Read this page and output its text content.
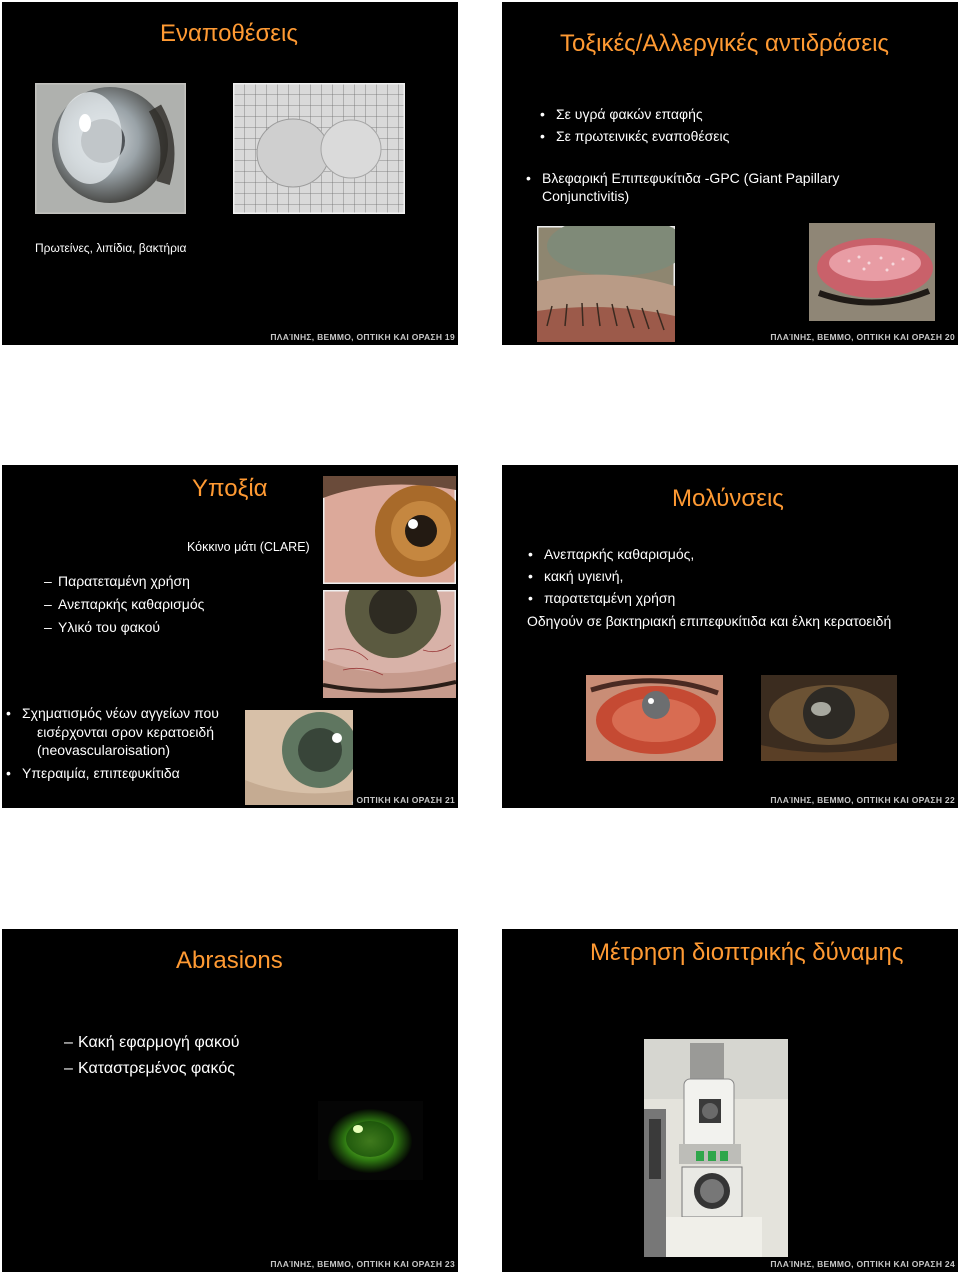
Εναποθέσεις
Πρωτείνες, λιπίδια, βακτήρια
ΠΛΑΊΝΗΣ, ΒΕΜΜΟ, ΟΠΤΙΚΗ ΚΑΙ ΟΡΑΣΗ 19
Τοξικές/Αλλεργικές αντιδράσεις
• Σε υγρά φακών επαφής
• Σε πρωτεινικές εναποθέσεις
• Βλεφαρική Επιπεφυκίτιδα -GPC (Giant Papillary
Conjunctivitis)
ΠΛΑΊΝΗΣ, ΒΕΜΜΟ, ΟΠΤΙΚΗ ΚΑΙ ΟΡΑΣΗ 20
Υποξία
Κόκκινο μάτι (CLARE)
– Παρατεταμένη χρήση
– Ανεπαρκής καθαρισμός
– Υλικό του φακού
• Σχηματισμός νέων αγγείων που
εισέρχονται σρον κερατοειδή
(neovascularoisation)
• Υπεραιμία, επιπεφυκίτιδα
, ΟΠΤΙΚΗ ΚΑΙ ΟΡΑΣΗ 21
Μολύνσεις
• Ανεπαρκής καθαρισμός,
• κακή υγιεινή,
• παρατεταμένη χρήση
Οδηγούν σε βακτηριακή επιπεφυκίτιδα και έλκη κερατοειδή
ΠΛΑΊΝΗΣ, ΒΕΜΜΟ, ΟΠΤΙΚΗ ΚΑΙ ΟΡΑΣΗ 22
Abrasions
– Κακή εφαρμογή φακού
– Καταστρεμένος φακός
ΠΛΑΊΝΗΣ, ΒΕΜΜΟ, ΟΠΤΙΚΗ ΚΑΙ ΟΡΑΣΗ 23
Μέτρηση διοπτρικής δύναμης
ΠΛΑΊΝΗΣ, ΒΕΜΜΟ, ΟΠΤΙΚΗ ΚΑΙ ΟΡΑΣΗ 24
